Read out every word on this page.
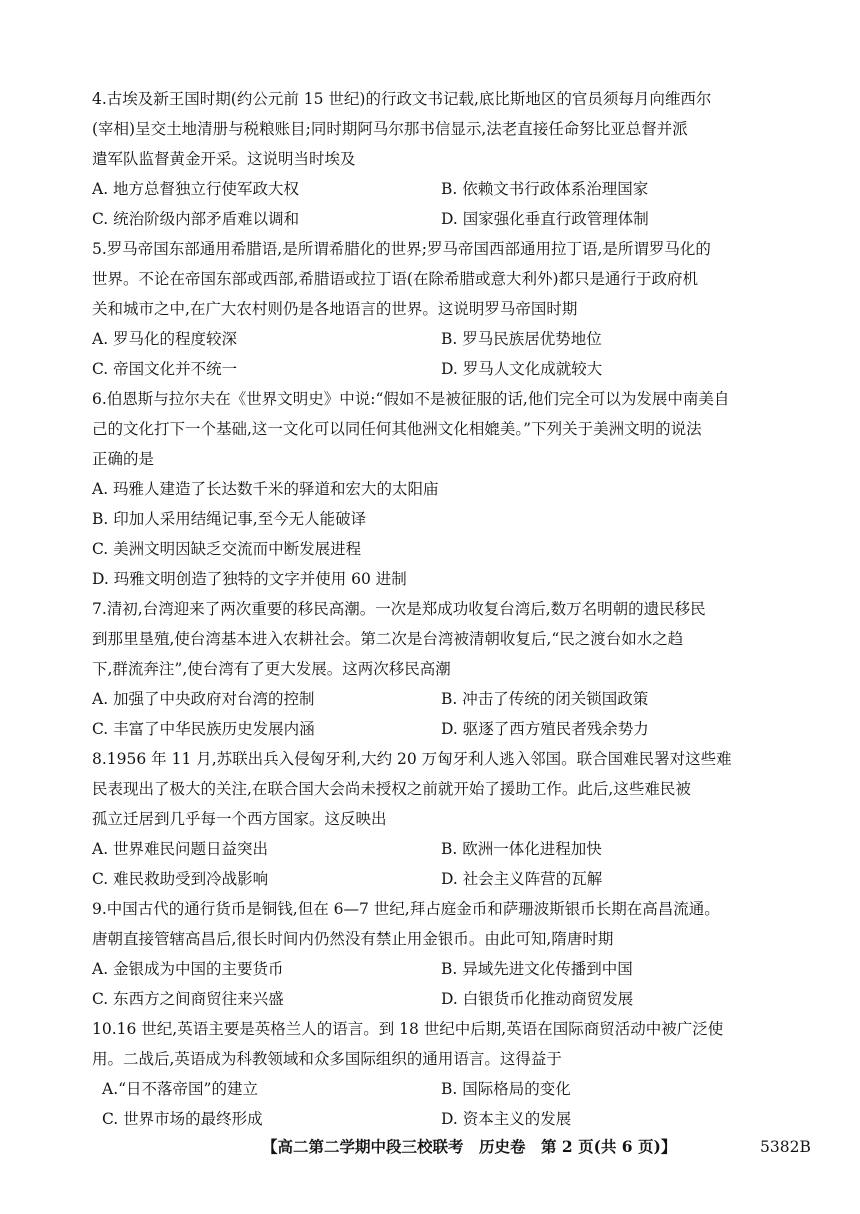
4.古埃及新王国时期(约公元前 15 世纪)的行政文书记载,底比斯地区的官员须每月向维西尔
(宰相)呈交土地清册与税粮账目;同时期阿马尔那书信显示,法老直接任命努比亚总督并派
遣军队监督黄金开采。这说明当时埃及
A. 地方总督独立行使军政大权	B. 依赖文书行政体系治理国家
C. 统治阶级内部矛盾难以调和	D. 国家强化垂直行政管理体制
5.罗马帝国东部通用希腊语,是所谓希腊化的世界;罗马帝国西部通用拉丁语,是所谓罗马化的
世界。不论在帝国东部或西部,希腊语或拉丁语(在除希腊或意大利外)都只是通行于政府机
关和城市之中,在广大农村则仍是各地语言的世界。这说明罗马帝国时期
A. 罗马化的程度较深	B. 罗马民族居优势地位
C. 帝国文化并不统一	D. 罗马人文化成就较大
6.伯恩斯与拉尔夫在《世界文明史》中说:“假如不是被征服的话,他们完全可以为发展中南美自
己的文化打下一个基础,这一文化可以同任何其他洲文化相媲美。”下列关于美洲文明的说法
正确的是
A. 玛雅人建造了长达数千米的驿道和宏大的太阳庙
B. 印加人采用结绳记事,至今无人能破译
C. 美洲文明因缺乏交流而中断发展进程
D. 玛雅文明创造了独特的文字并使用 60 进制
7.清初,台湾迎来了两次重要的移民高潮。一次是郑成功收复台湾后,数万名明朝的遗民移民
到那里垦殖,使台湾基本进入农耕社会。第二次是台湾被清朝收复后,“民之渡台如水之趋
下,群流奔注”,使台湾有了更大发展。这两次移民高潮
A. 加强了中央政府对台湾的控制	B. 冲击了传统的闭关锁国政策
C. 丰富了中华民族历史发展内涵	D. 驱逐了西方殖民者残余势力
8.1956 年 11 月,苏联出兵入侵匈牙利,大约 20 万匈牙利人逃入邻国。联合国难民署对这些难
民表现出了极大的关注,在联合国大会尚未授权之前就开始了援助工作。此后,这些难民被
孤立迁居到几乎每一个西方国家。这反映出
A. 世界难民问题日益突出	B. 欧洲一体化进程加快
C. 难民救助受到冷战影响	D. 社会主义阵营的瓦解
9.中国古代的通行货币是铜钱,但在 6—7 世纪,拜占庭金币和萨珊波斯银币长期在高昌流通。
唐朝直接管辖高昌后,很长时间内仍然没有禁止用金银币。由此可知,隋唐时期
A. 金银成为中国的主要货币	B. 异域先进文化传播到中国
C. 东西方之间商贸往来兴盛	D. 白银货币化推动商贸发展
10.16 世纪,英语主要是英格兰人的语言。到 18 世纪中后期,英语在国际商贸活动中被广泛使
用。二战后,英语成为科教领域和众多国际组织的通用语言。这得益于
A.“日不落帝国”的建立	B. 国际格局的变化
C. 世界市场的最终形成	D. 资本主义的发展
【高二第二学期中段三校联考　历史卷　第 2 页(共 6 页)】	5382B
